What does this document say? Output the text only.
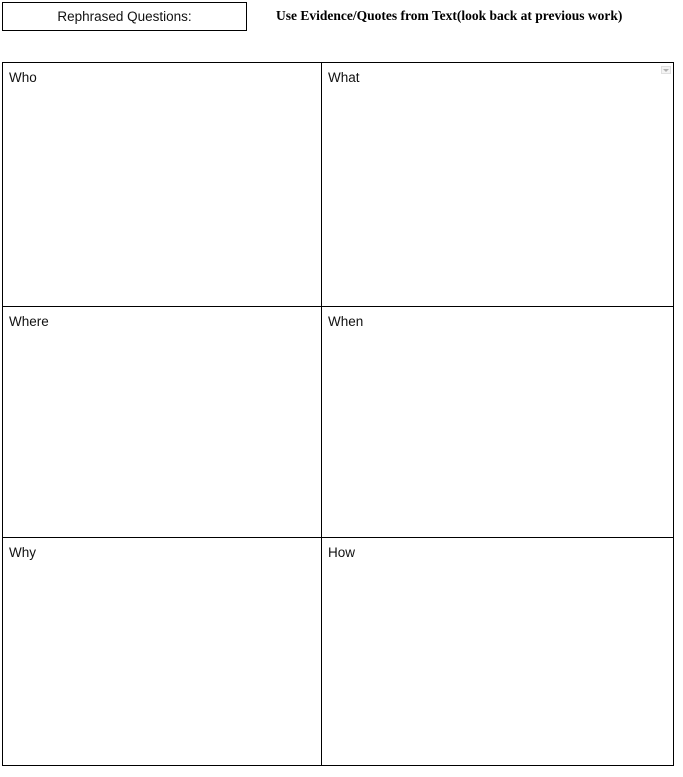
Rephrased Questions:	Use Evidence/Quotes from Text(look back at previous work)
Who	What
Where	When
Why	How
